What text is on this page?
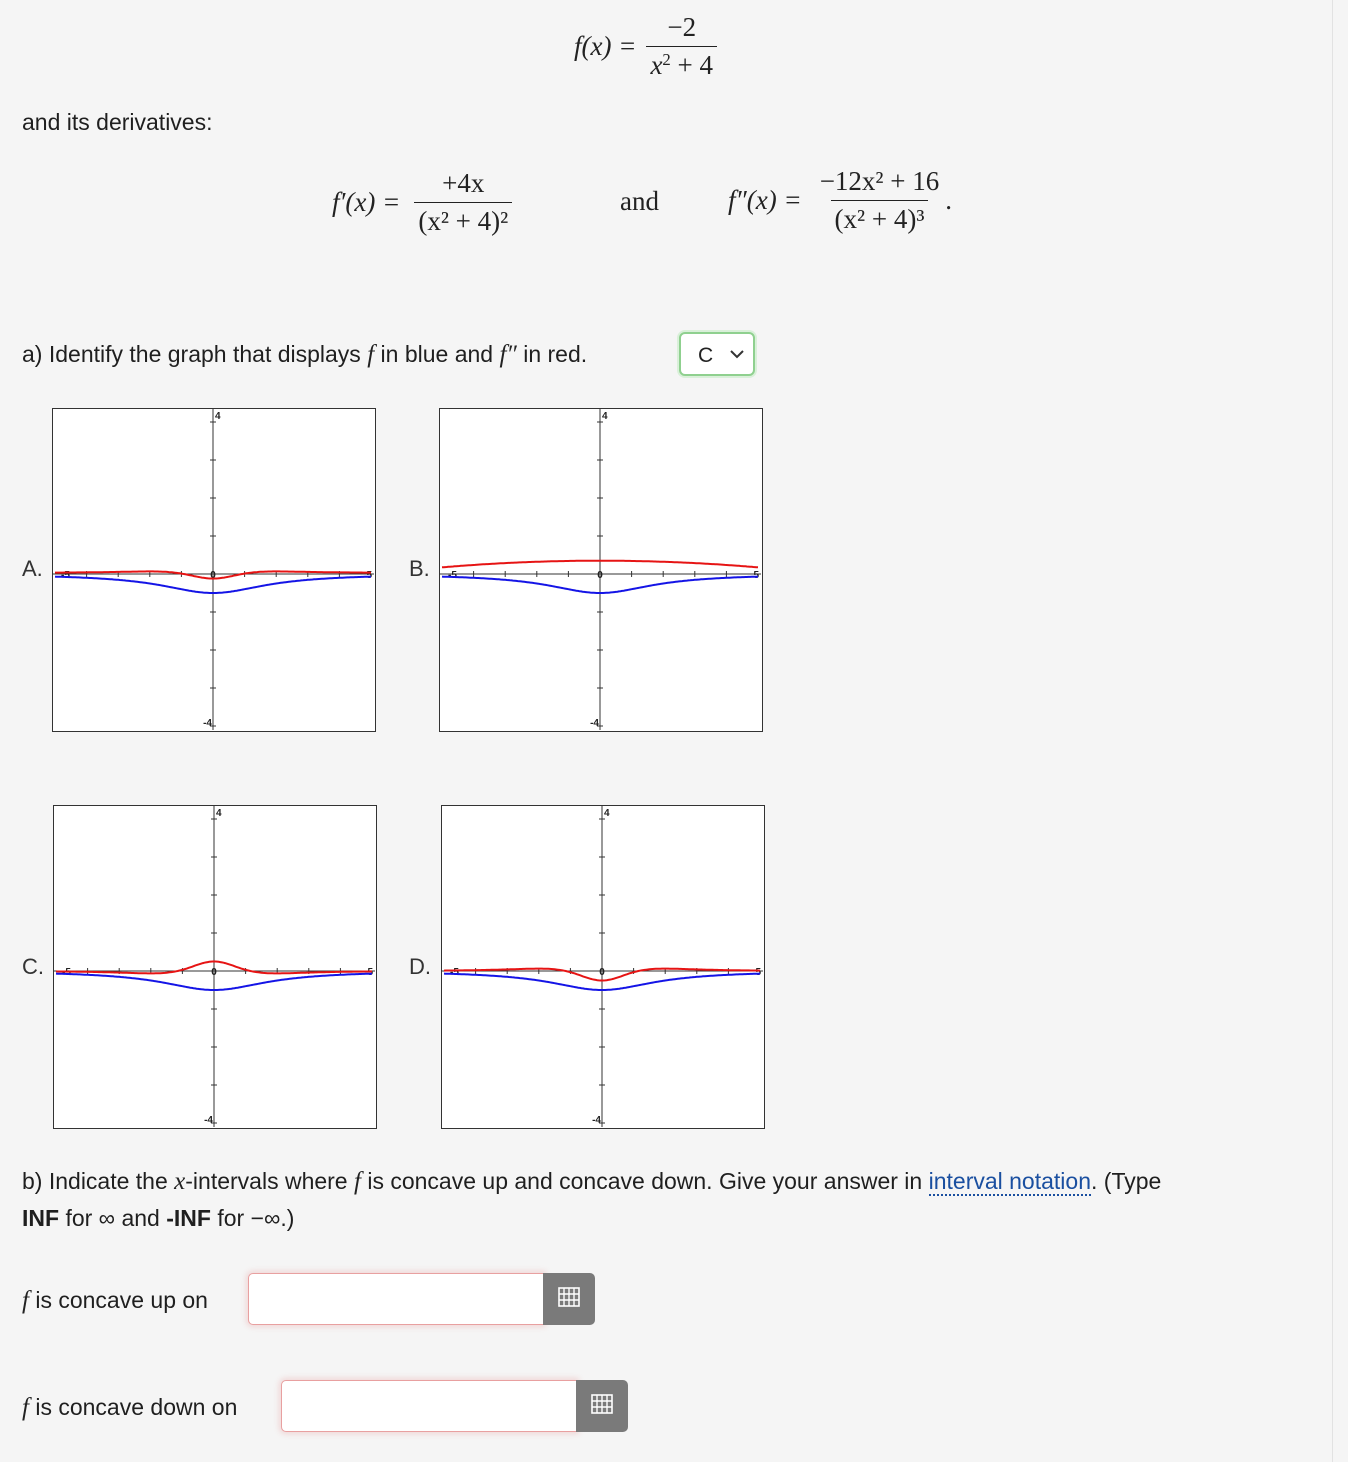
$f(x) = \frac{-2}{x^2 + 4}$
and its derivatives:
$f'(x) = \frac{+4x}{\text{(x² + 4)²}}$	and	$f''(x) = \frac{\text{−12x² + 16}}{\text{(x² + 4)³}}$ .
a) Identify the graph that displays f in blue and f″ in red.	C
A.	B.
C.	D.
4
-4
-5	5
0
4
-4
-5	5
0
4
-4
-5	5
0
4
-4
-5	5
0
b) Indicate the x-intervals where f is concave up and concave down. Give your answer in interval notation. (Type
INF for ∞ and -INF for −∞.)
f is concave up on
f is concave down on
